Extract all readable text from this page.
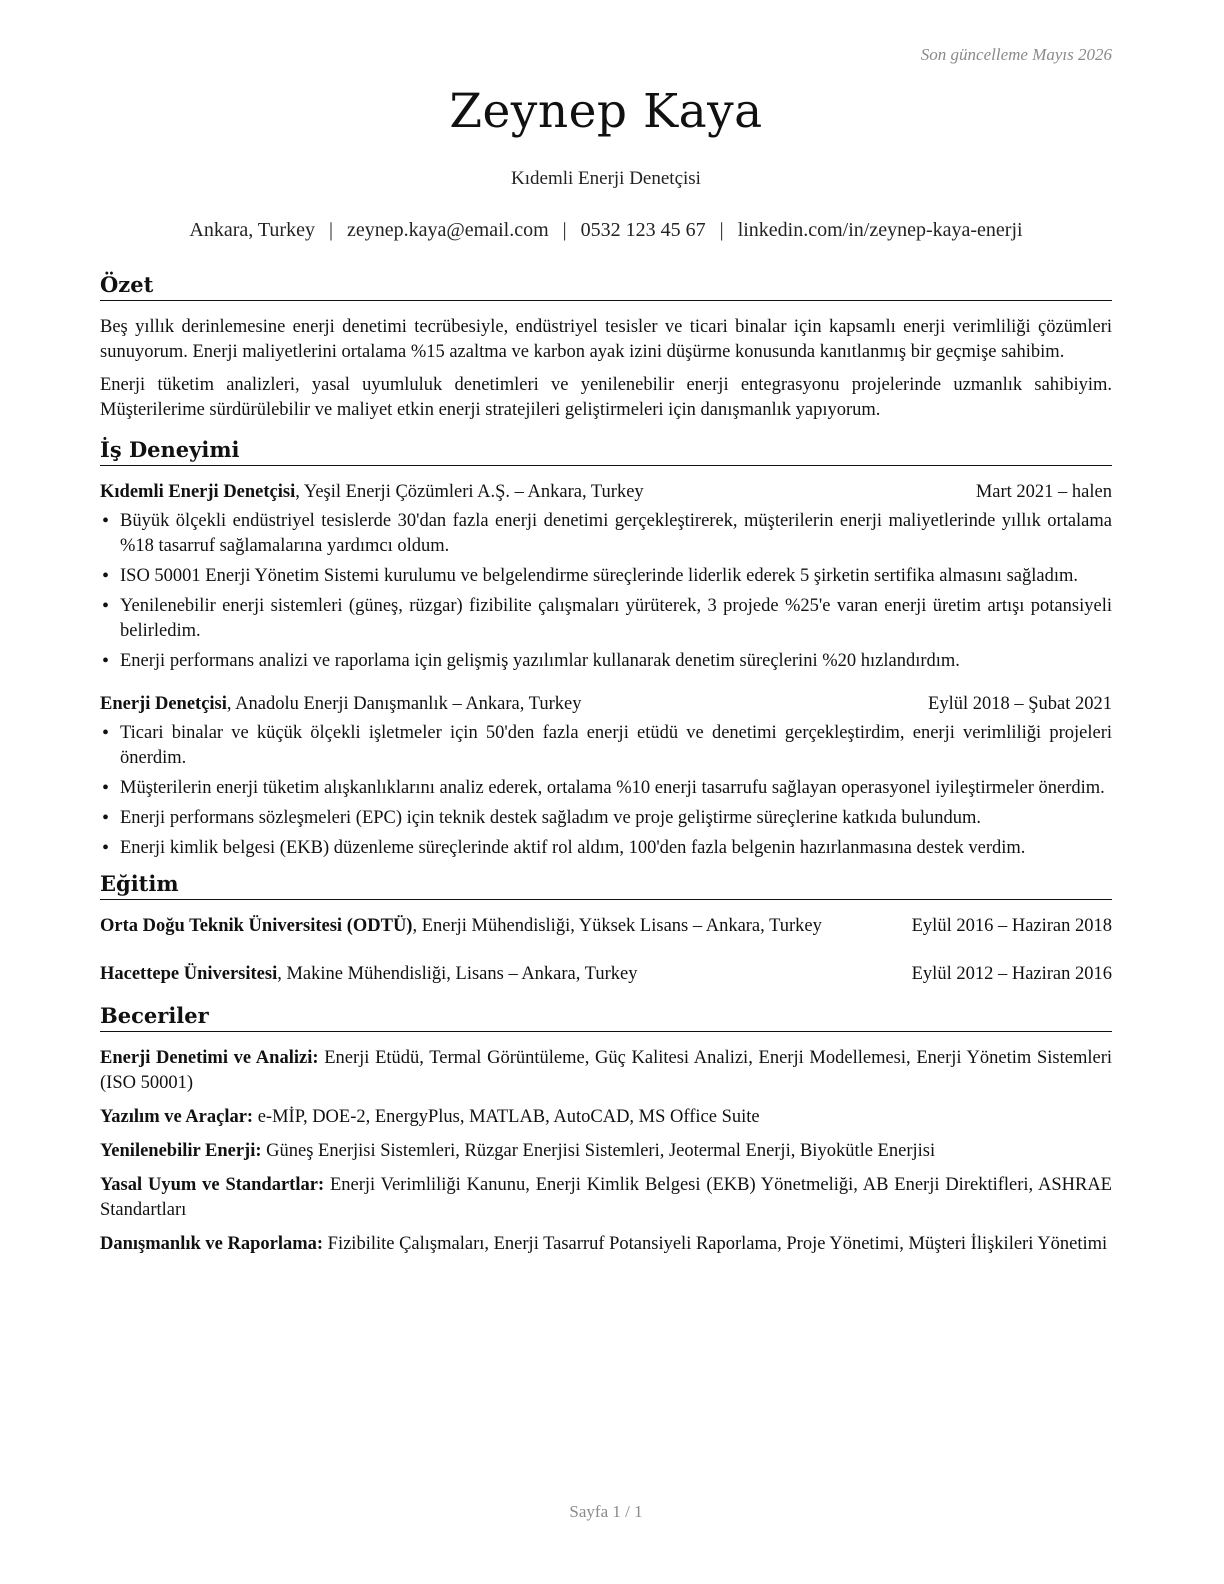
Son güncelleme Mayıs 2026
Zeynep Kaya
Kıdemli Enerji Denetçisi
Ankara, Turkey | zeynep.kaya@email.com | 0532 123 45 67 | linkedin.com/in/zeynep-kaya-enerji
Özet

Beş yıllık derinlemesine enerji denetimi tecrübesiyle, endüstriyel tesisler ve ticari binalar için kapsamlı enerji verimliliği çözümleri sunuyorum. Enerji maliyetlerini ortalama %15 azaltma ve karbon ayak izini düşürme konusunda kanıtlanmış bir geçmişe sahibim.

Enerji tüketim analizleri, yasal uyumluluk denetimleri ve yenilenebilir enerji entegrasyonu projelerinde uzmanlık sahibiyim. Müşterilerime sürdürülebilir ve maliyet etkin enerji stratejileri geliştirmeleri için danışmanlık yapıyorum.

İş Deneyimi
Kıdemli Enerji Denetçisi, Yeşil Enerji Çözümleri A.Ş. – Ankara, Turkey	Mart 2021 – halen
• Büyük ölçekli endüstriyel tesislerde 30'dan fazla enerji denetimi gerçekleştirerek, müşterilerin enerji maliyetlerinde yıllık ortalama %18 tasarruf sağlamalarına yardımcı oldum.
• ISO 50001 Enerji Yönetim Sistemi kurulumu ve belgelendirme süreçlerinde liderlik ederek 5 şirketin sertifika almasını sağladım.
• Yenilenebilir enerji sistemleri (güneş, rüzgar) fizibilite çalışmaları yürüterek, 3 projede %25'e varan enerji üretim artışı potansiyeli belirledim.
• Enerji performans analizi ve raporlama için gelişmiş yazılımlar kullanarak denetim süreçlerini %20 hızlandırdım.
Enerji Denetçisi, Anadolu Enerji Danışmanlık – Ankara, Turkey	Eylül 2018 – Şubat 2021
• Ticari binalar ve küçük ölçekli işletmeler için 50'den fazla enerji etüdü ve denetimi gerçekleştirdim, enerji verimliliği projeleri önerdim.
• Müşterilerin enerji tüketim alışkanlıklarını analiz ederek, ortalama %10 enerji tasarrufu sağlayan operasyonel iyileştirmeler önerdim.
• Enerji performans sözleşmeleri (EPC) için teknik destek sağladım ve proje geliştirme süreçlerine katkıda bulundum.
• Enerji kimlik belgesi (EKB) düzenleme süreçlerinde aktif rol aldım, 100'den fazla belgenin hazırlanmasına destek verdim.
Eğitim
Orta Doğu Teknik Üniversitesi (ODTÜ), Enerji Mühendisliği, Yüksek Lisans – Ankara, Turkey	Eylül 2016 – Haziran 2018
Hacettepe Üniversitesi, Makine Mühendisliği, Lisans – Ankara, Turkey	Eylül 2012 – Haziran 2016
Beceriler
Enerji Denetimi ve Analizi: Enerji Etüdü, Termal Görüntüleme, Güç Kalitesi Analizi, Enerji Modellemesi, Enerji Yönetim Sistemleri (ISO 50001)
Yazılım ve Araçlar: e-MİP, DOE-2, EnergyPlus, MATLAB, AutoCAD, MS Office Suite
Yenilenebilir Enerji: Güneş Enerjisi Sistemleri, Rüzgar Enerjisi Sistemleri, Jeotermal Enerji, Biyokütle Enerjisi
Yasal Uyum ve Standartlar: Enerji Verimliliği Kanunu, Enerji Kimlik Belgesi (EKB) Yönetmeliği, AB Enerji Direktifleri, ASHRAE Standartları
Danışmanlık ve Raporlama: Fizibilite Çalışmaları, Enerji Tasarruf Potansiyeli Raporlama, Proje Yönetimi, Müşteri İlişkileri Yönetimi
Sayfa 1 / 1
